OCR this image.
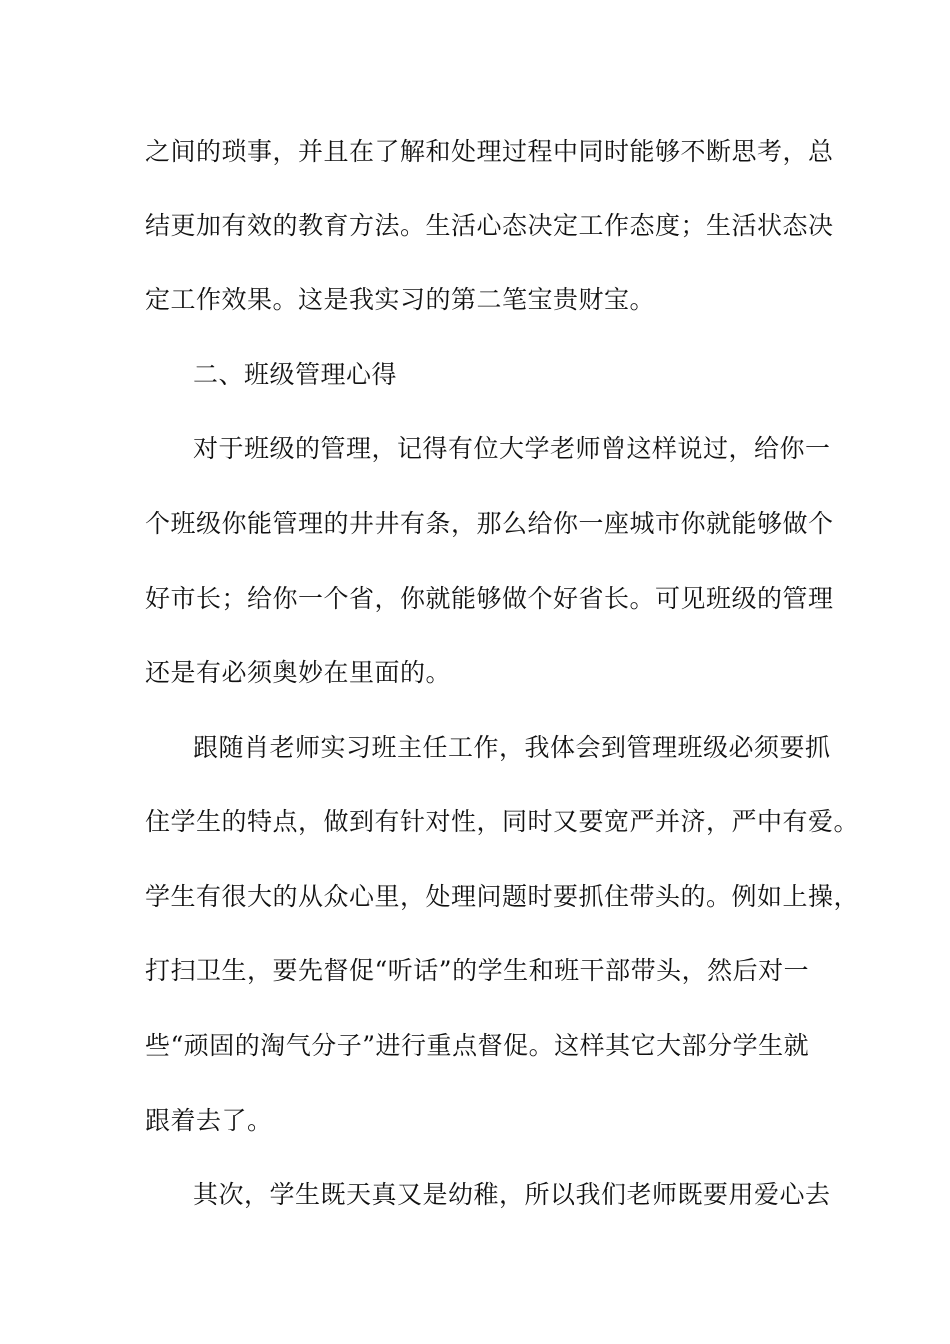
之间的琐事，并且在了解和处理过程中同时能够不断思考，总
结更加有效的教育方法。生活心态决定工作态度；生活状态决
定工作效果。这是我实习的第二笔宝贵财宝。
二、班级管理心得
对于班级的管理，记得有位大学老师曾这样说过，给你一
个班级你能管理的井井有条，那么给你一座城市你就能够做个
好市长；给你一个省，你就能够做个好省长。可见班级的管理
还是有必须奥妙在里面的。
跟随肖老师实习班主任工作，我体会到管理班级必须要抓
住学生的特点，做到有针对性，同时又要宽严并济，严中有爱。
学生有很大的从众心里，处理问题时要抓住带头的。例如上操，
打扫卫生，要先督促“听话”的学生和班干部带头，然后对一
些“顽固的淘气分子”进行重点督促。这样其它大部分学生就
跟着去了。
其次，学生既天真又是幼稚，所以我们老师既要用爱心去
